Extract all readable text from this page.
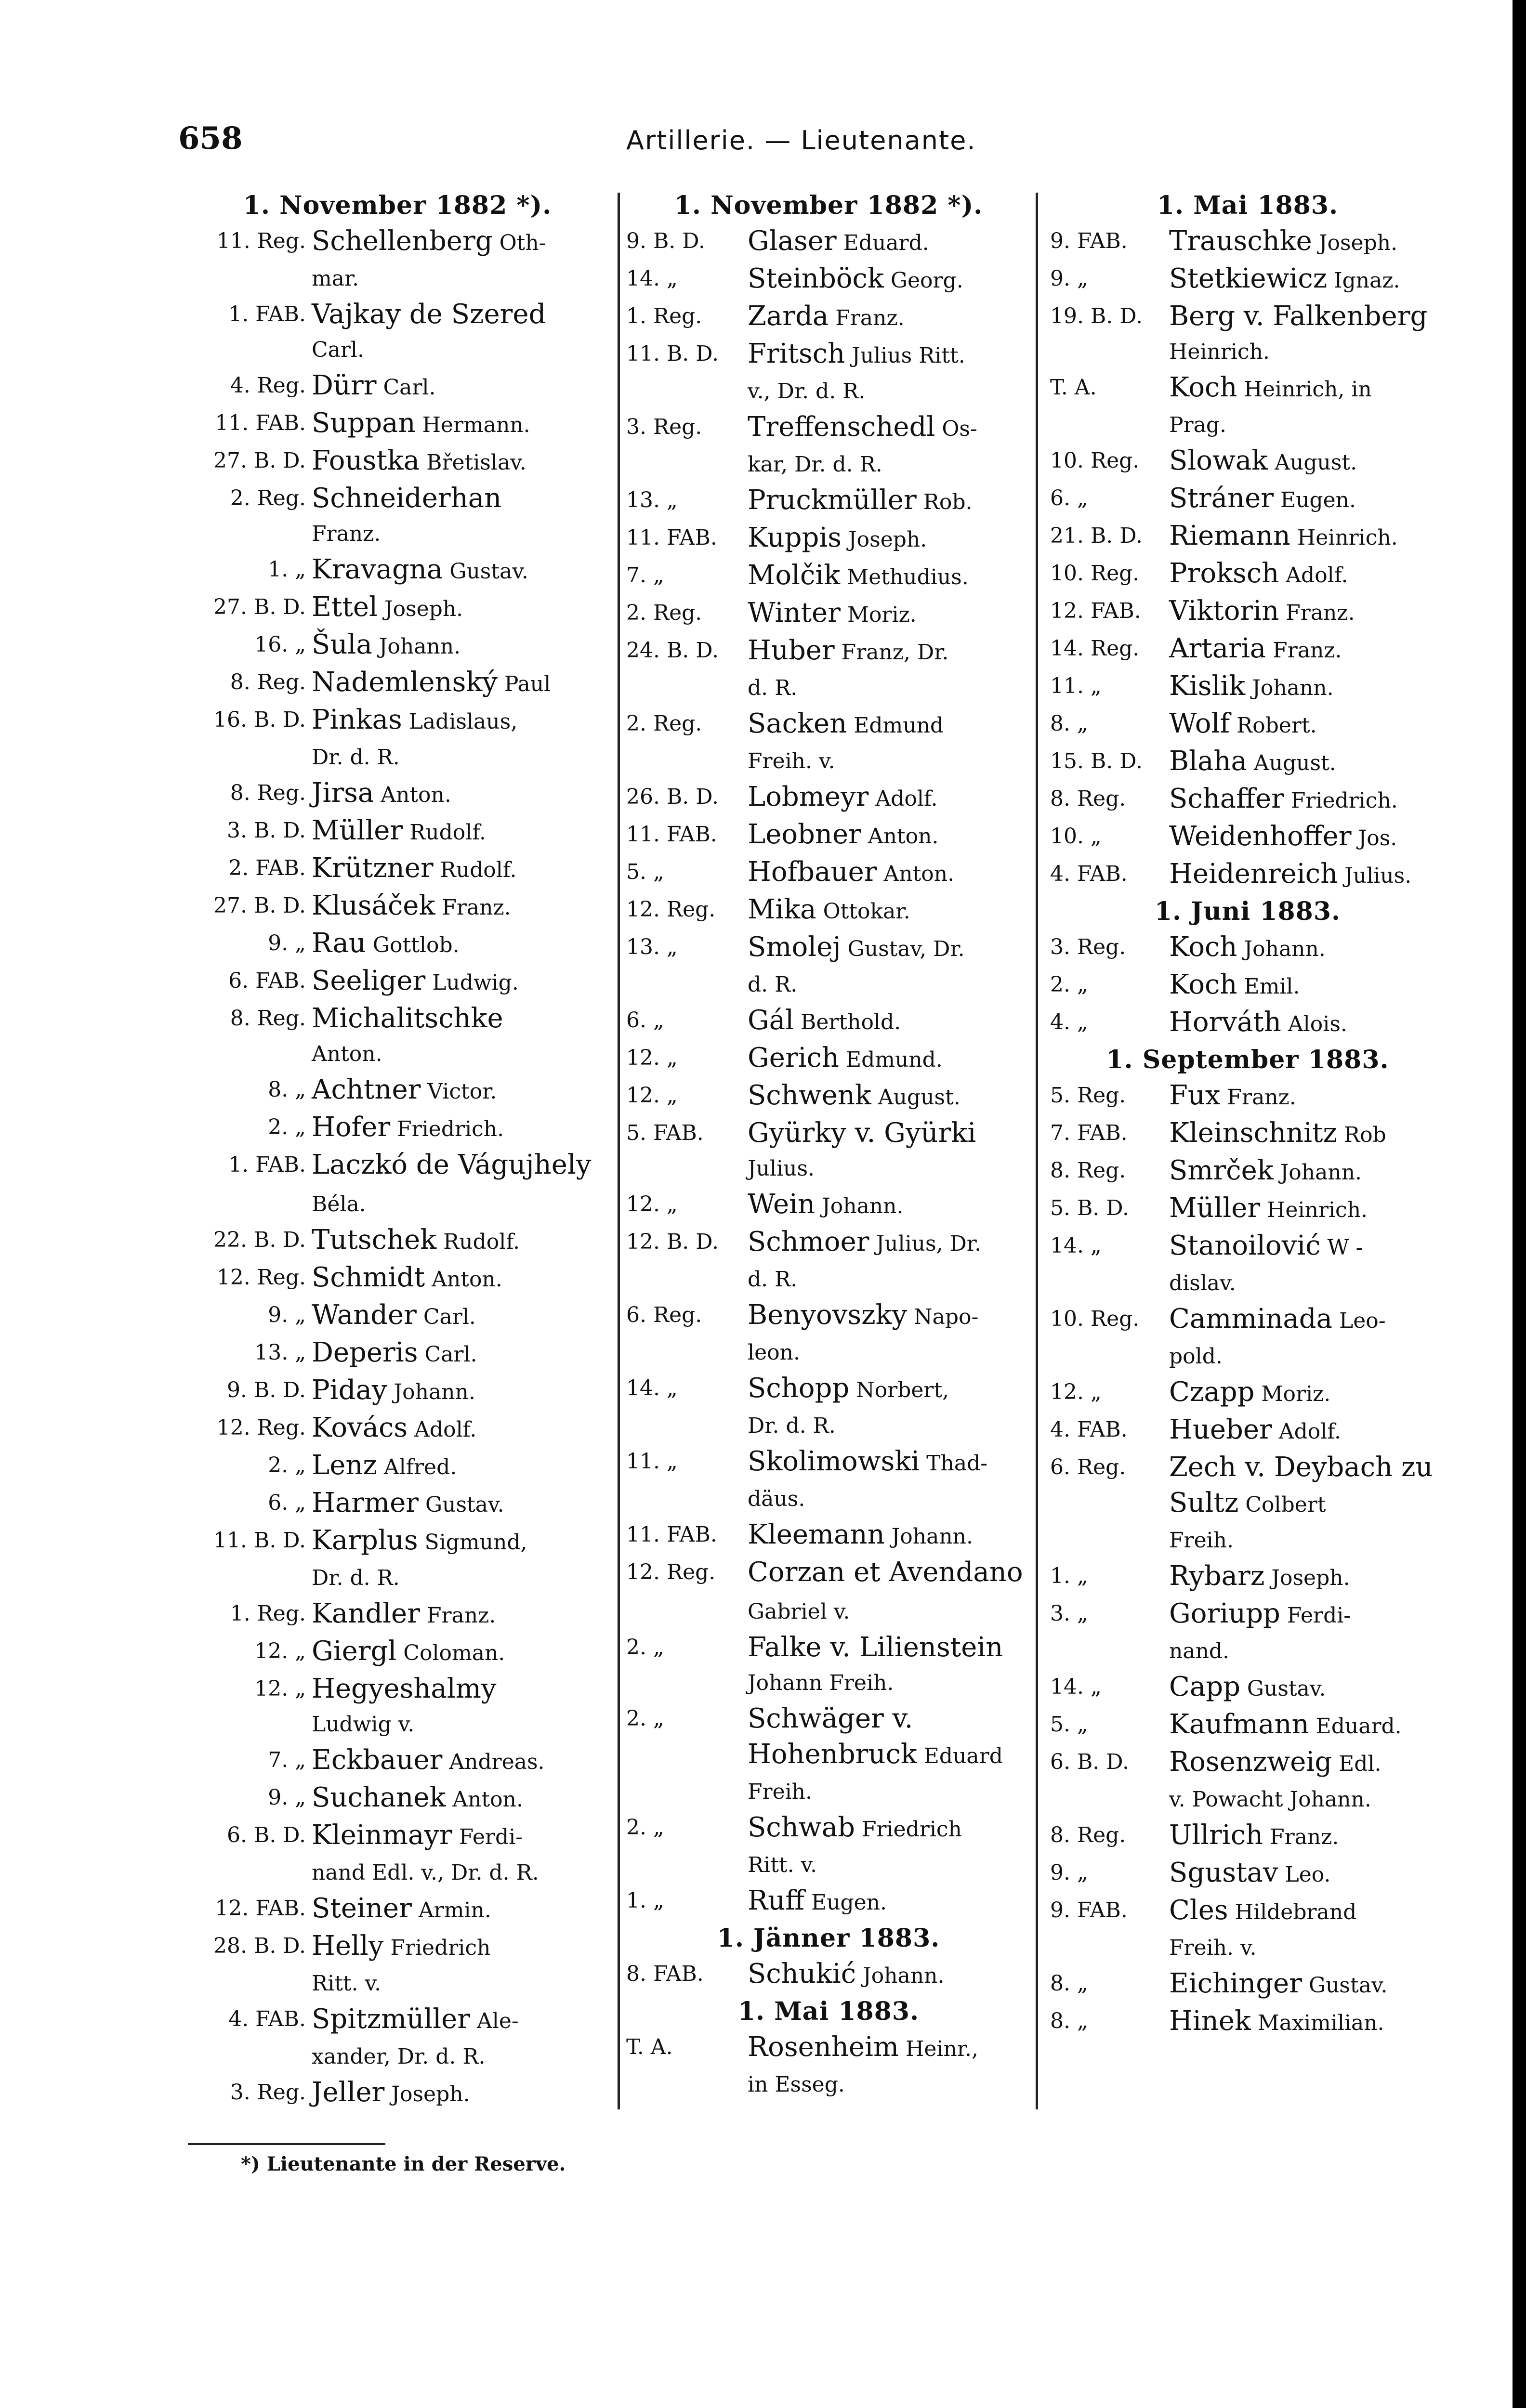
658	Artillerie. — Lieutenante.
1. November 1882 *).
11. Reg. Schellenberg Oth-
mar.
1. FAB. Vajkay de Szered
Carl.
4. Reg. Dürr Carl.
11. FAB. Suppan Hermann.
27. B. D. Foustka Břetislav.
2. Reg. Schneiderhan
Franz.
1. „ Kravagna Gustav.
27. B. D. Ettel Joseph.
16. „ Šula Johann.
8. Reg. Nademlenský Paul
16. B. D. Pinkas Ladislaus,
Dr. d. R.
8. Reg. Jirsa Anton.
3. B. D. Müller Rudolf.
2. FAB. Krützner Rudolf.
27. B. D. Klusáček Franz.
9. „ Rau Gottlob.
6. FAB. Seeliger Ludwig.
8. Reg. Michalitschke
Anton.
8. „ Achtner Victor.
2. „ Hofer Friedrich.
1. FAB. Laczkó de Vágujhely Béla.
22. B. D. Tutschek Rudolf.
12. Reg. Schmidt Anton.
9. „ Wander Carl.
13. „ Deperis Carl.
9. B. D. Piday Johann.
12. Reg. Kovács Adolf.
2. „ Lenz Alfred.
6. „ Harmer Gustav.
11. B. D. Karplus Sigmund,
Dr. d. R.
1. Reg. Kandler Franz.
12. „ Giergl Coloman.
12. „ Hegyeshalmy
Ludwig v.
7. „ Eckbauer Andreas.
9. „ Suchanek Anton.
6. B. D. Kleinmayr Ferdi-
nand Edl. v., Dr. d. R.
12. FAB. Steiner Armin.
28. B. D. Helly Friedrich
Ritt. v.
4. FAB. Spitzmüller Ale-
xander, Dr. d. R.
3. Reg. Jeller Joseph.
1. November 1882 *).
9. B. D.	Glaser Eduard.
14. „	Steinböck Georg.
1. Reg.	Zarda Franz.
11. B. D.	Fritsch Julius Ritt.
v., Dr. d. R.
3. Reg.	Treffenschedl Os-
kar, Dr. d. R.
13. „	Pruckmüller Rob.
11. FAB.	Kuppis Joseph.
7. „	Molčik Methudius.
2. Reg.	Winter Moriz.
24. B. D.	Huber Franz, Dr.
d. R.
2. Reg.	Sacken Edmund
Freih. v.
26. B. D.	Lobmeyr Adolf.
11. FAB.	Leobner Anton.
5. „	Hofbauer Anton.
12. Reg.	Mika Ottokar.
13. „	Smolej Gustav, Dr.
d. R.
6. „	Gál Berthold.
12. „	Gerich Edmund.
12. „	Schwenk August.
5. FAB.	Gyürky v. Gyürki
Julius.
12. „	Wein Johann.
12. B. D.	Schmoer Julius, Dr.
d. R.
6. Reg.	Benyovszky Napo-
leon.
14. „	Schopp Norbert,
Dr. d. R.
11. „	Skolimowski Thad-
däus.
11. FAB.	Kleemann Johann.
12. Reg.	Corzan et Avendano Gabriel v.
2. „	Falke v. Lilienstein
Johann Freih.
2. „	Schwäger v. Hohenbruck Eduard
Freih.
2. „	Schwab Friedrich
Ritt. v.
1. „	Ruff Eugen.
1. Jänner 1883.
8. FAB.	Schukić Johann.
1. Mai 1883.
T. A.	Rosenheim Heinr.,
in Esseg.
1. Mai 1883.
9. FAB.	Trauschke Joseph.
9. „	Stetkiewicz Ignaz.
19. B. D. Berg v. Falkenberg
Heinrich.
T. A.	Koch Heinrich, in
Prag.
10. Reg.	Slowak August.
6. „	Stráner Eugen.
21. B. D. Riemann Heinrich.
10. Reg.	Proksch Adolf.
12. FAB.	Viktorin Franz.
14. Reg.	Artaria Franz.
11. „	Kislik Johann.
8. „	Wolf Robert.
15. B. D. Blaha August.
8. Reg.	Schaffer Friedrich.
10. „	Weidenhoffer Jos.
4. FAB.	Heidenreich Julius.
1. Juni 1883.
3. Reg.	Koch Johann.
2. „	Koch Emil.
4. „	Horváth Alois.
1. September 1883.
5. Reg.	Fux Franz.
7. FAB.	Kleinschnitz Rob
8. Reg.	Smrček Johann.
5. B. D.	Müller Heinrich.
14. „	Stanoilović W -
dislav.
10. Reg.	Camminada Leo-
pold.
12. „	Czapp Moriz.
4. FAB.	Hueber Adolf.
6. Reg.	Zech v. Deybach zu Sultz Colbert
Freih.
1. „	Rybarz Joseph.
3. „	Goriupp Ferdi-
nand.
14. „	Capp Gustav.
5. „	Kaufmann Eduard.
6. B. D.	Rosenzweig Edl.
v. Powacht Johann.
8. Reg.	Ullrich Franz.
9. „	Sgustav Leo.
9. FAB.	Cles Hildebrand
Freih. v.
8. „	Eichinger Gustav.
8. „	Hinek Maximilian.
*) Lieutenante in der Reserve.
